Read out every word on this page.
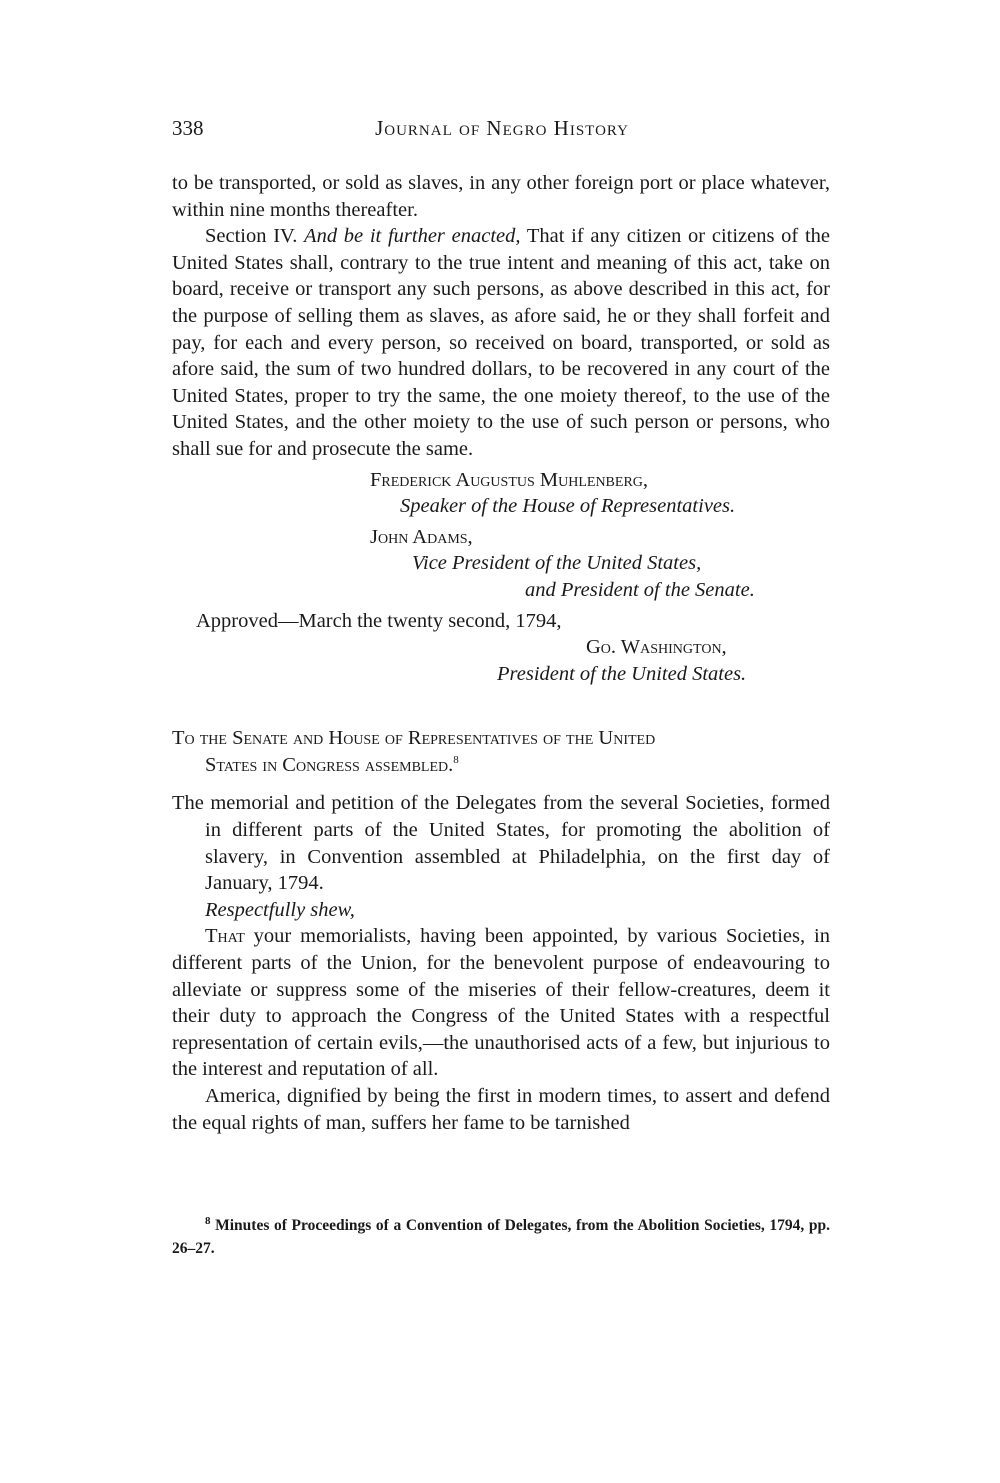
338	Journal of Negro History

to be transported, or sold as slaves, in any other foreign port or place whatever, within nine months thereafter.

Section IV. And be it further enacted, That if any citizen or citizens of the United States shall, contrary to the true intent and meaning of this act, take on board, receive or transport any such persons, as above described in this act, for the purpose of selling them as slaves, as afore said, he or they shall forfeit and pay, for each and every person, so received on board, transported, or sold as afore said, the sum of two hundred dollars, to be recovered in any court of the United States, proper to try the same, the one moiety thereof, to the use of the United States, and the other moiety to the use of such person or persons, who shall sue for and prosecute the same.

Frederick Augustus Muhlenberg,
Speaker of the House of Representatives.
John Adams,
Vice President of the United States,
and President of the Senate.
Approved—March the twenty second, 1794,
Go. Washington,
President of the United States.

To the Senate and House of Representatives of the United

States in Congress assembled.$^8$

The memorial and petition of the Delegates from the several Societies, formed in different parts of the United States, for promoting the abolition of slavery, in Convention assembled at Philadelphia, on the first day of January, 1794.

Respectfully shew,

That your memorialists, having been appointed, by various Societies, in different parts of the Union, for the benevolent purpose of endeavouring to alleviate or suppress some of the miseries of their fellow-creatures, deem it their duty to approach the Congress of the United States with a respectful representation of certain evils,—the unauthorised acts of a few, but injurious to the interest and reputation of all.

America, dignified by being the first in modern times, to assert and defend the equal rights of man, suffers her fame to be tarnished

$^8$ Minutes of Proceedings of a Convention of Delegates, from the Abolition Societies, 1794, pp. 26–27.
